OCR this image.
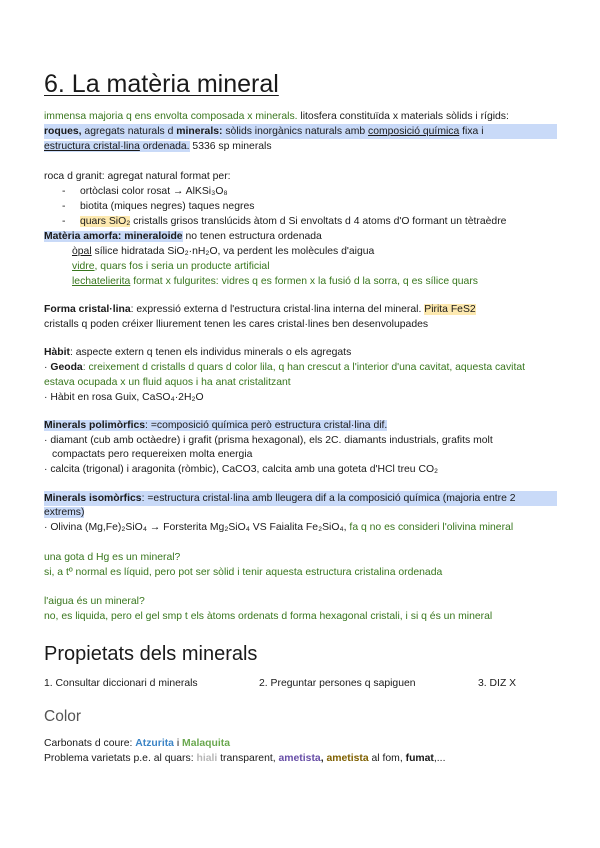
6. La matèria mineral
immensa majoria q ens envolta composada x minerals. litosfera constituïda x materials sòlids i rígids:
roques, agregats naturals d minerals: sòlids inorgànics naturals amb composició química fixa i
estructura cristal·lina ordenada. 5336 sp minerals
roca d granit: agregat natural format per:
- ortòclasi color rosat → AlKSi₃O₈
- biotita (miques negres) taques negres
- quars SiO₂ cristalls grisos translúcids àtom d Si envoltats d 4 atoms d'O formant un tètraèdre
Matèria amorfa: mineraloide no tenen estructura ordenada
òpal sílice hidratada SiO₂·nH₂O, va perdent les molècules d'aigua
vidre, quars fos i seria un producte artificial
lechatelierita format x fulgurites: vidres q es formen x la fusió d la sorra, q es sílice quars
Forma cristal·lina: expressió externa d l'estructura cristal·lina interna del mineral. Pirita FeS2
cristalls q poden créixer lliurement tenen les cares cristal·lines ben desenvolupades
Hàbit: aspecte extern q tenen els individus minerals o els agregats
· Geoda: creixement d cristalls d quars d color lila, q han crescut a l'interior d'una cavitat, aquesta cavitat
estava ocupada x un fluid aquos i ha anat cristalitzant
· Hàbit en rosa Guix, CaSO₄·2H₂O
Minerals polimòrfics: =composició química però estructura cristal·lina dif.
· diamant (cub amb octàedre) i grafit (prisma hexagonal), els 2C. diamants industrials, grafits molt
compactats pero requereixen molta energia
· calcita (trigonal) i aragonita (ròmbic), CaCO3, calcita amb una goteta d'HCl treu CO₂
Minerals isomòrfics: =estructura cristal·lina amb lleugera dif a la composició química (majoria entre 2
extrems)
· Olivina (Mg,Fe)₂SiO₄ → Forsterita Mg₂SiO₄ VS Faialita Fe₂SiO₄, fa q no es consideri l'olivina mineral
una gota d Hg es un mineral?
si, a tº normal es líquid, pero pot ser sòlid i tenir aquesta estructura cristalina ordenada
l'aigua és un mineral?
no, es liquida, pero el gel smp t els àtoms ordenats d forma hexagonal cristali, i si q és un mineral
Propietats dels minerals
1. Consultar diccionari d minerals	2. Preguntar persones q sapiguen	3. DIZ X
Color
Carbonats d coure: Atzurita i Malaquita
Problema varietats p.e. al quars: hiali transparent, ametista, ametista al fom, fumat,...
